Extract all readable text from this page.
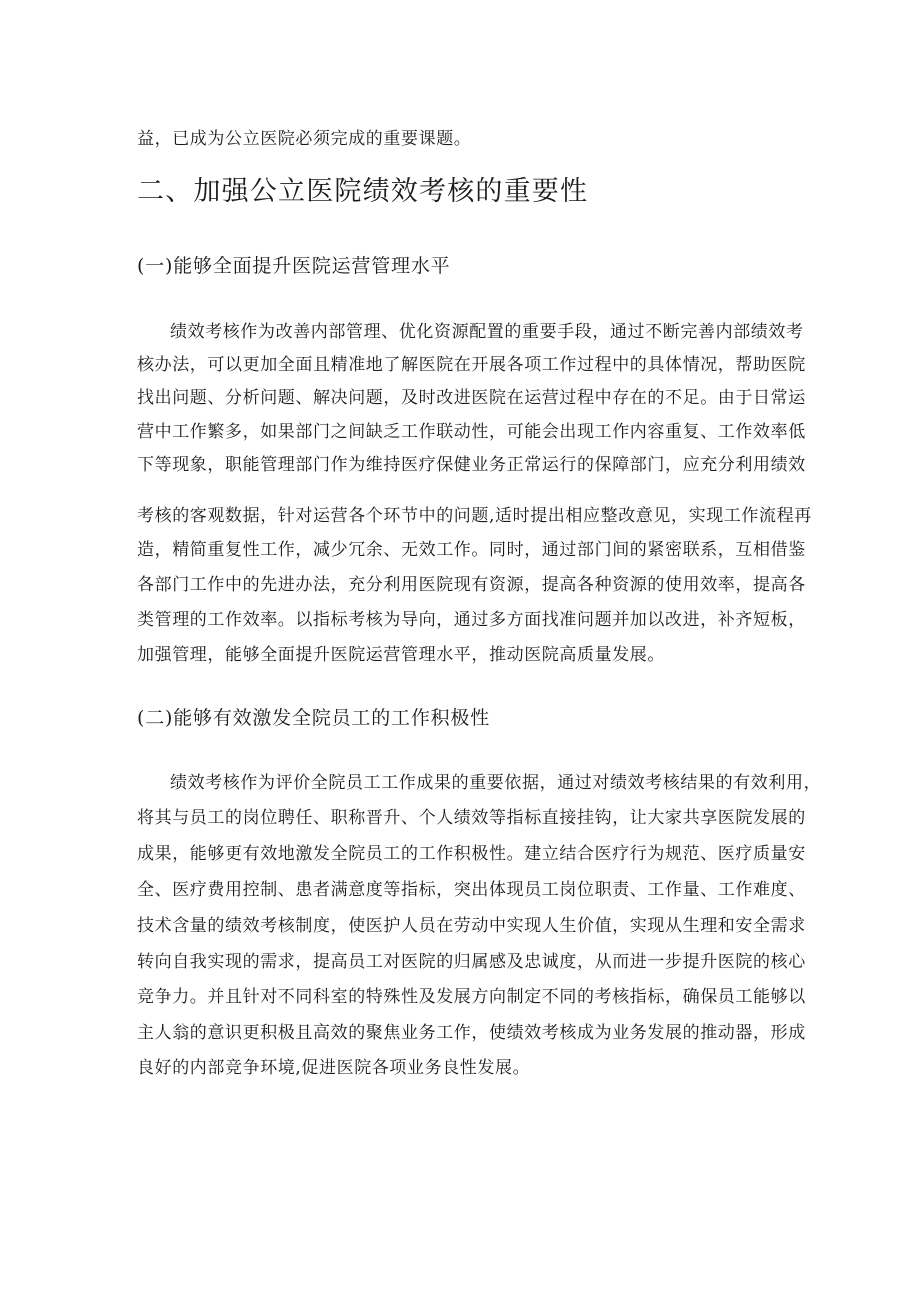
益，已成为公立医院必须完成的重要课题。
二、加强公立医院绩效考核的重要性
(一)能够全面提升医院运营管理水平
绩效考核作为改善内部管理、优化资源配置的重要手段，通过不断完善内部绩效考
核办法，可以更加全面且精准地了解医院在开展各项工作过程中的具体情况，帮助医院
找出问题、分析问题、解决问题，及时改进医院在运营过程中存在的不足。由于日常运
营中工作繁多，如果部门之间缺乏工作联动性，可能会出现工作内容重复、工作效率低
下等现象，职能管理部门作为维持医疗保健业务正常运行的保障部门，应充分利用绩效
考核的客观数据，针对运营各个环节中的问题,适时提出相应整改意见，实现工作流程再
造，精简重复性工作，减少冗余、无效工作。同时，通过部门间的紧密联系，互相借鉴
各部门工作中的先进办法，充分利用医院现有资源，提高各种资源的使用效率，提高各
类管理的工作效率。以指标考核为导向，通过多方面找准问题并加以改进，补齐短板，
加强管理，能够全面提升医院运营管理水平，推动医院高质量发展。
(二)能够有效激发全院员工的工作积极性
绩效考核作为评价全院员工工作成果的重要依据，通过对绩效考核结果的有效利用，
将其与员工的岗位聘任、职称晋升、个人绩效等指标直接挂钩，让大家共享医院发展的
成果，能够更有效地激发全院员工的工作积极性。建立结合医疗行为规范、医疗质量安
全、医疗费用控制、患者满意度等指标，突出体现员工岗位职责、工作量、工作难度、
技术含量的绩效考核制度，使医护人员在劳动中实现人生价值，实现从生理和安全需求
转向自我实现的需求，提高员工对医院的归属感及忠诚度，从而进一步提升医院的核心
竞争力。并且针对不同科室的特殊性及发展方向制定不同的考核指标，确保员工能够以
主人翁的意识更积极且高效的聚焦业务工作，使绩效考核成为业务发展的推动器，形成
良好的内部竞争环境,促进医院各项业务良性发展。
